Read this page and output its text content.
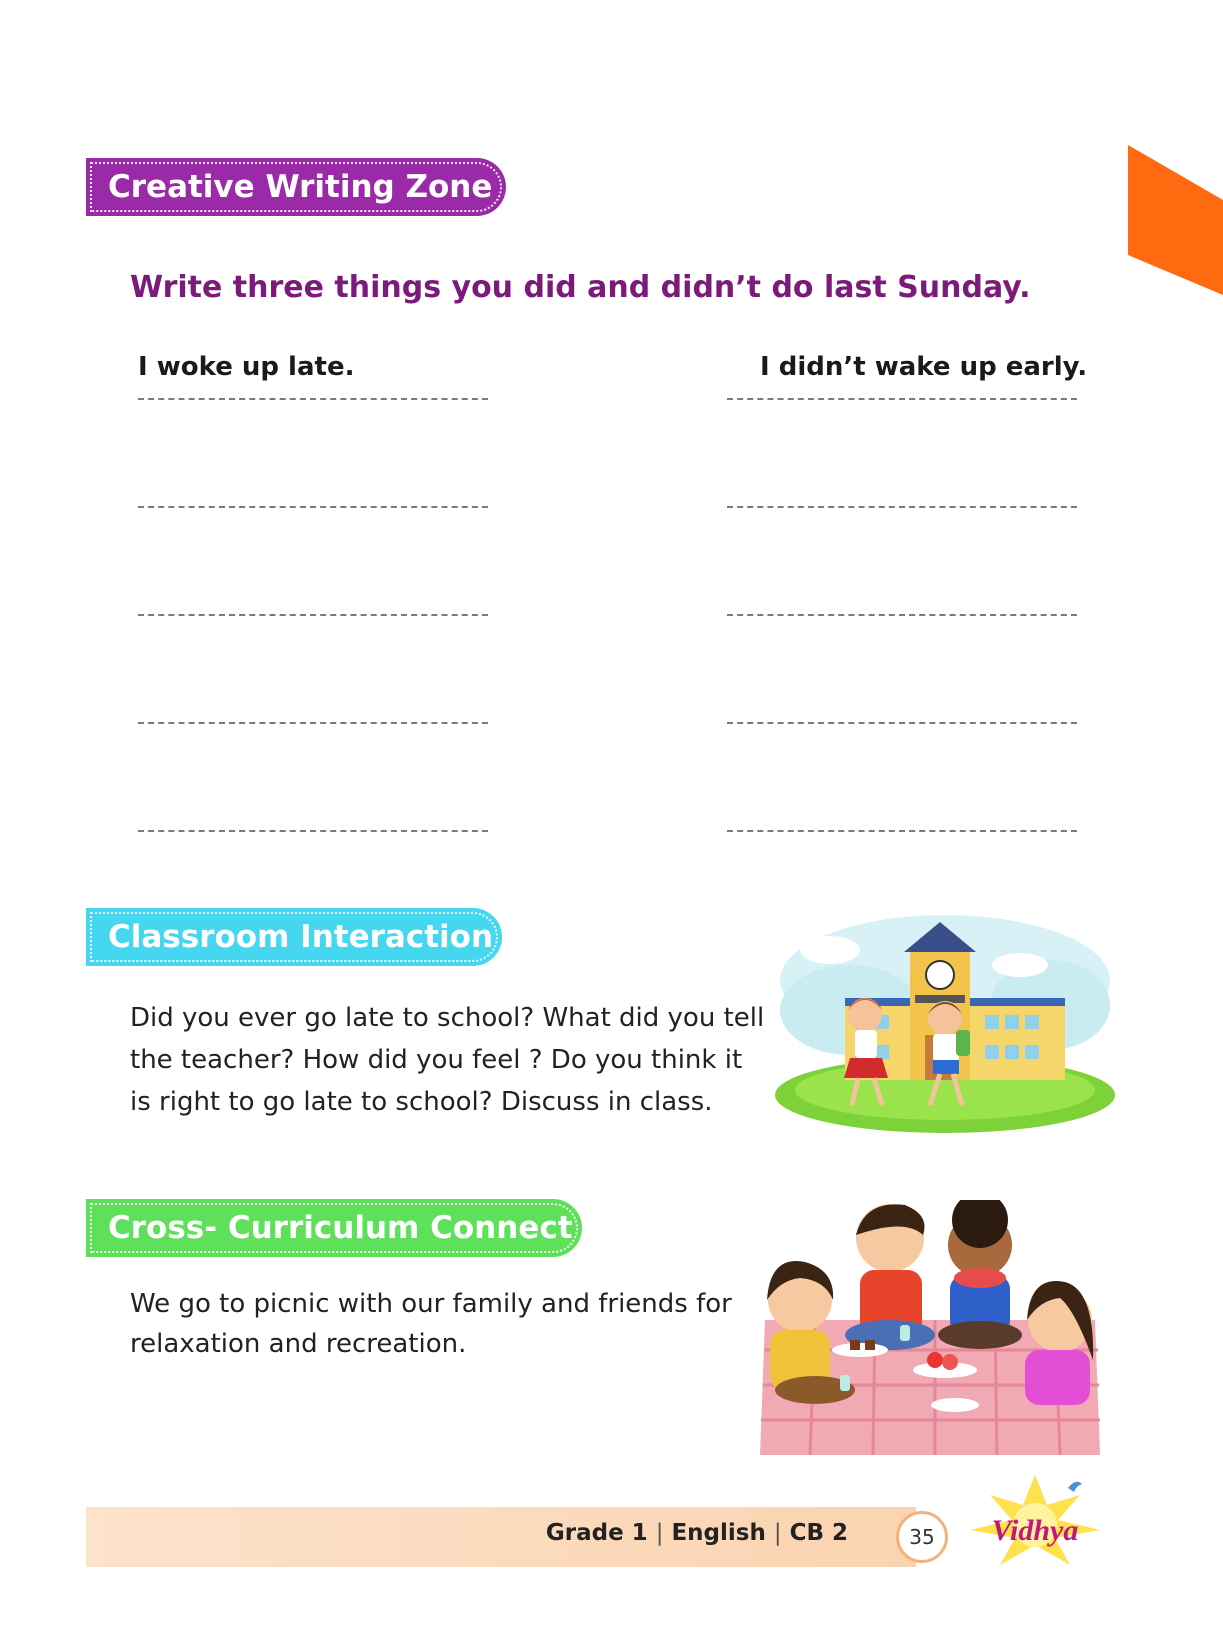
Creative Writing Zone
Write three things you did and didn’t do last Sunday.
I woke up late.	I didn’t wake up early.
Classroom Interaction
Did you ever go late to school? What did you tell the teacher? How did you feel ? Do you think it is right to go late to school? Discuss in class.
Cross- Curriculum Connect
We go to picnic with our family and friends for relaxation and recreation.
Grade 1 | English | CB 2	35	Vidhya
